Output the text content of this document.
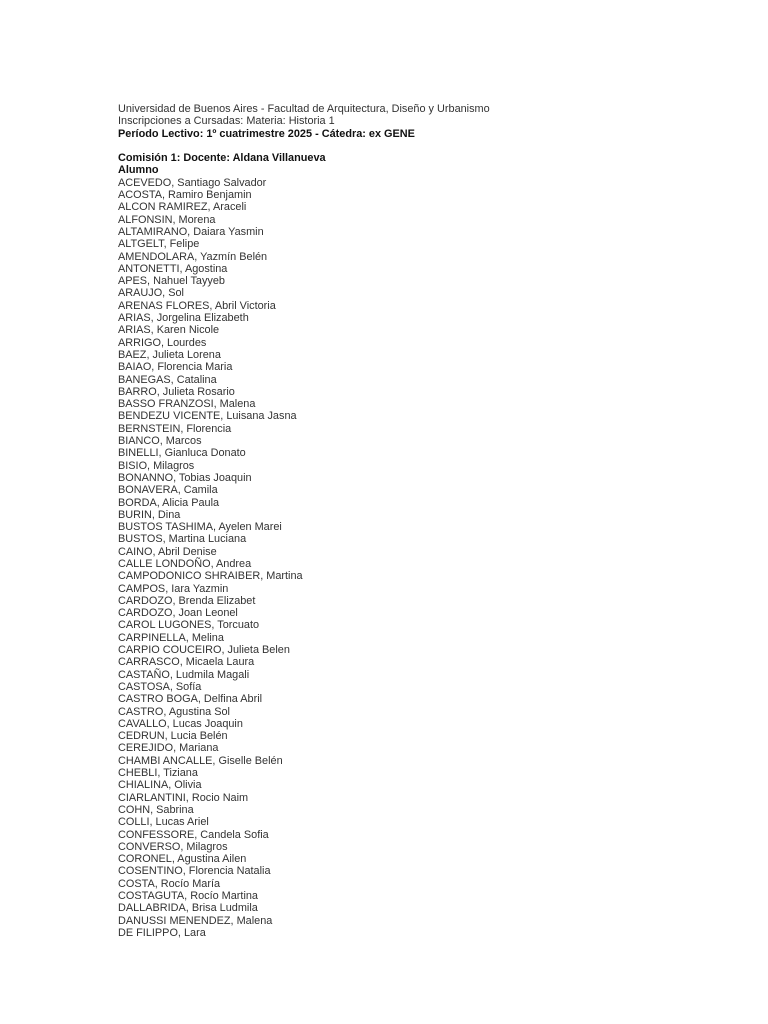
Universidad de Buenos Aires - Facultad de Arquitectura, Diseño y Urbanismo
Inscripciones a Cursadas: Materia: Historia 1
Período Lectivo: 1º cuatrimestre 2025 - Cátedra: ex GENE
Comisión 1: Docente: Aldana Villanueva
Alumno
ACEVEDO, Santiago Salvador
ACOSTA, Ramiro Benjamin
ALCON RAMIREZ, Araceli
ALFONSIN, Morena
ALTAMIRANO, Daiara Yasmin
ALTGELT, Felipe
AMENDOLARA, Yazmín Belén
ANTONETTI, Agostina
APES, Nahuel Tayyeb
ARAUJO, Sol
ARENAS FLORES, Abril Victoria
ARIAS, Jorgelina Elizabeth
ARIAS, Karen Nicole
ARRIGO, Lourdes
BAEZ, Julieta Lorena
BAIAO, Florencia Maria
BANEGAS, Catalina
BARRO, Julieta Rosario
BASSO FRANZOSI, Malena
BENDEZU VICENTE, Luisana Jasna
BERNSTEIN, Florencia
BIANCO, Marcos
BINELLI, Gianluca Donato
BISIO, Milagros
BONANNO, Tobias Joaquin
BONAVERA, Camila
BORDA, Alicia Paula
BURIN, Dina
BUSTOS TASHIMA, Ayelen Marei
BUSTOS, Martina Luciana
CAINO, Abril Denise
CALLE LONDOÑO, Andrea
CAMPODONICO SHRAIBER, Martina
CAMPOS, Iara Yazmin
CARDOZO, Brenda Elizabet
CARDOZO, Joan Leonel
CAROL LUGONES, Torcuato
CARPINELLA, Melina
CARPIO COUCEIRO, Julieta Belen
CARRASCO, Micaela Laura
CASTAÑO, Ludmila Magali
CASTOSA, Sofía
CASTRO BOGA, Delfina Abril
CASTRO, Agustina Sol
CAVALLO, Lucas Joaquin
CEDRUN, Lucia Belén
CEREJIDO, Mariana
CHAMBI ANCALLE, Giselle Belén
CHEBLI, Tiziana
CHIALINA, Olivia
CIARLANTINI, Rocio Naim
COHN, Sabrina
COLLI, Lucas Ariel
CONFESSORE, Candela Sofia
CONVERSO, Milagros
CORONEL, Agustina Ailen
COSENTINO, Florencia Natalia
COSTA, Rocío María
COSTAGUTA, Rocío Martina
DALLABRIDA, Brisa Ludmila
DANUSSI MENENDEZ, Malena
DE FILIPPO, Lara
